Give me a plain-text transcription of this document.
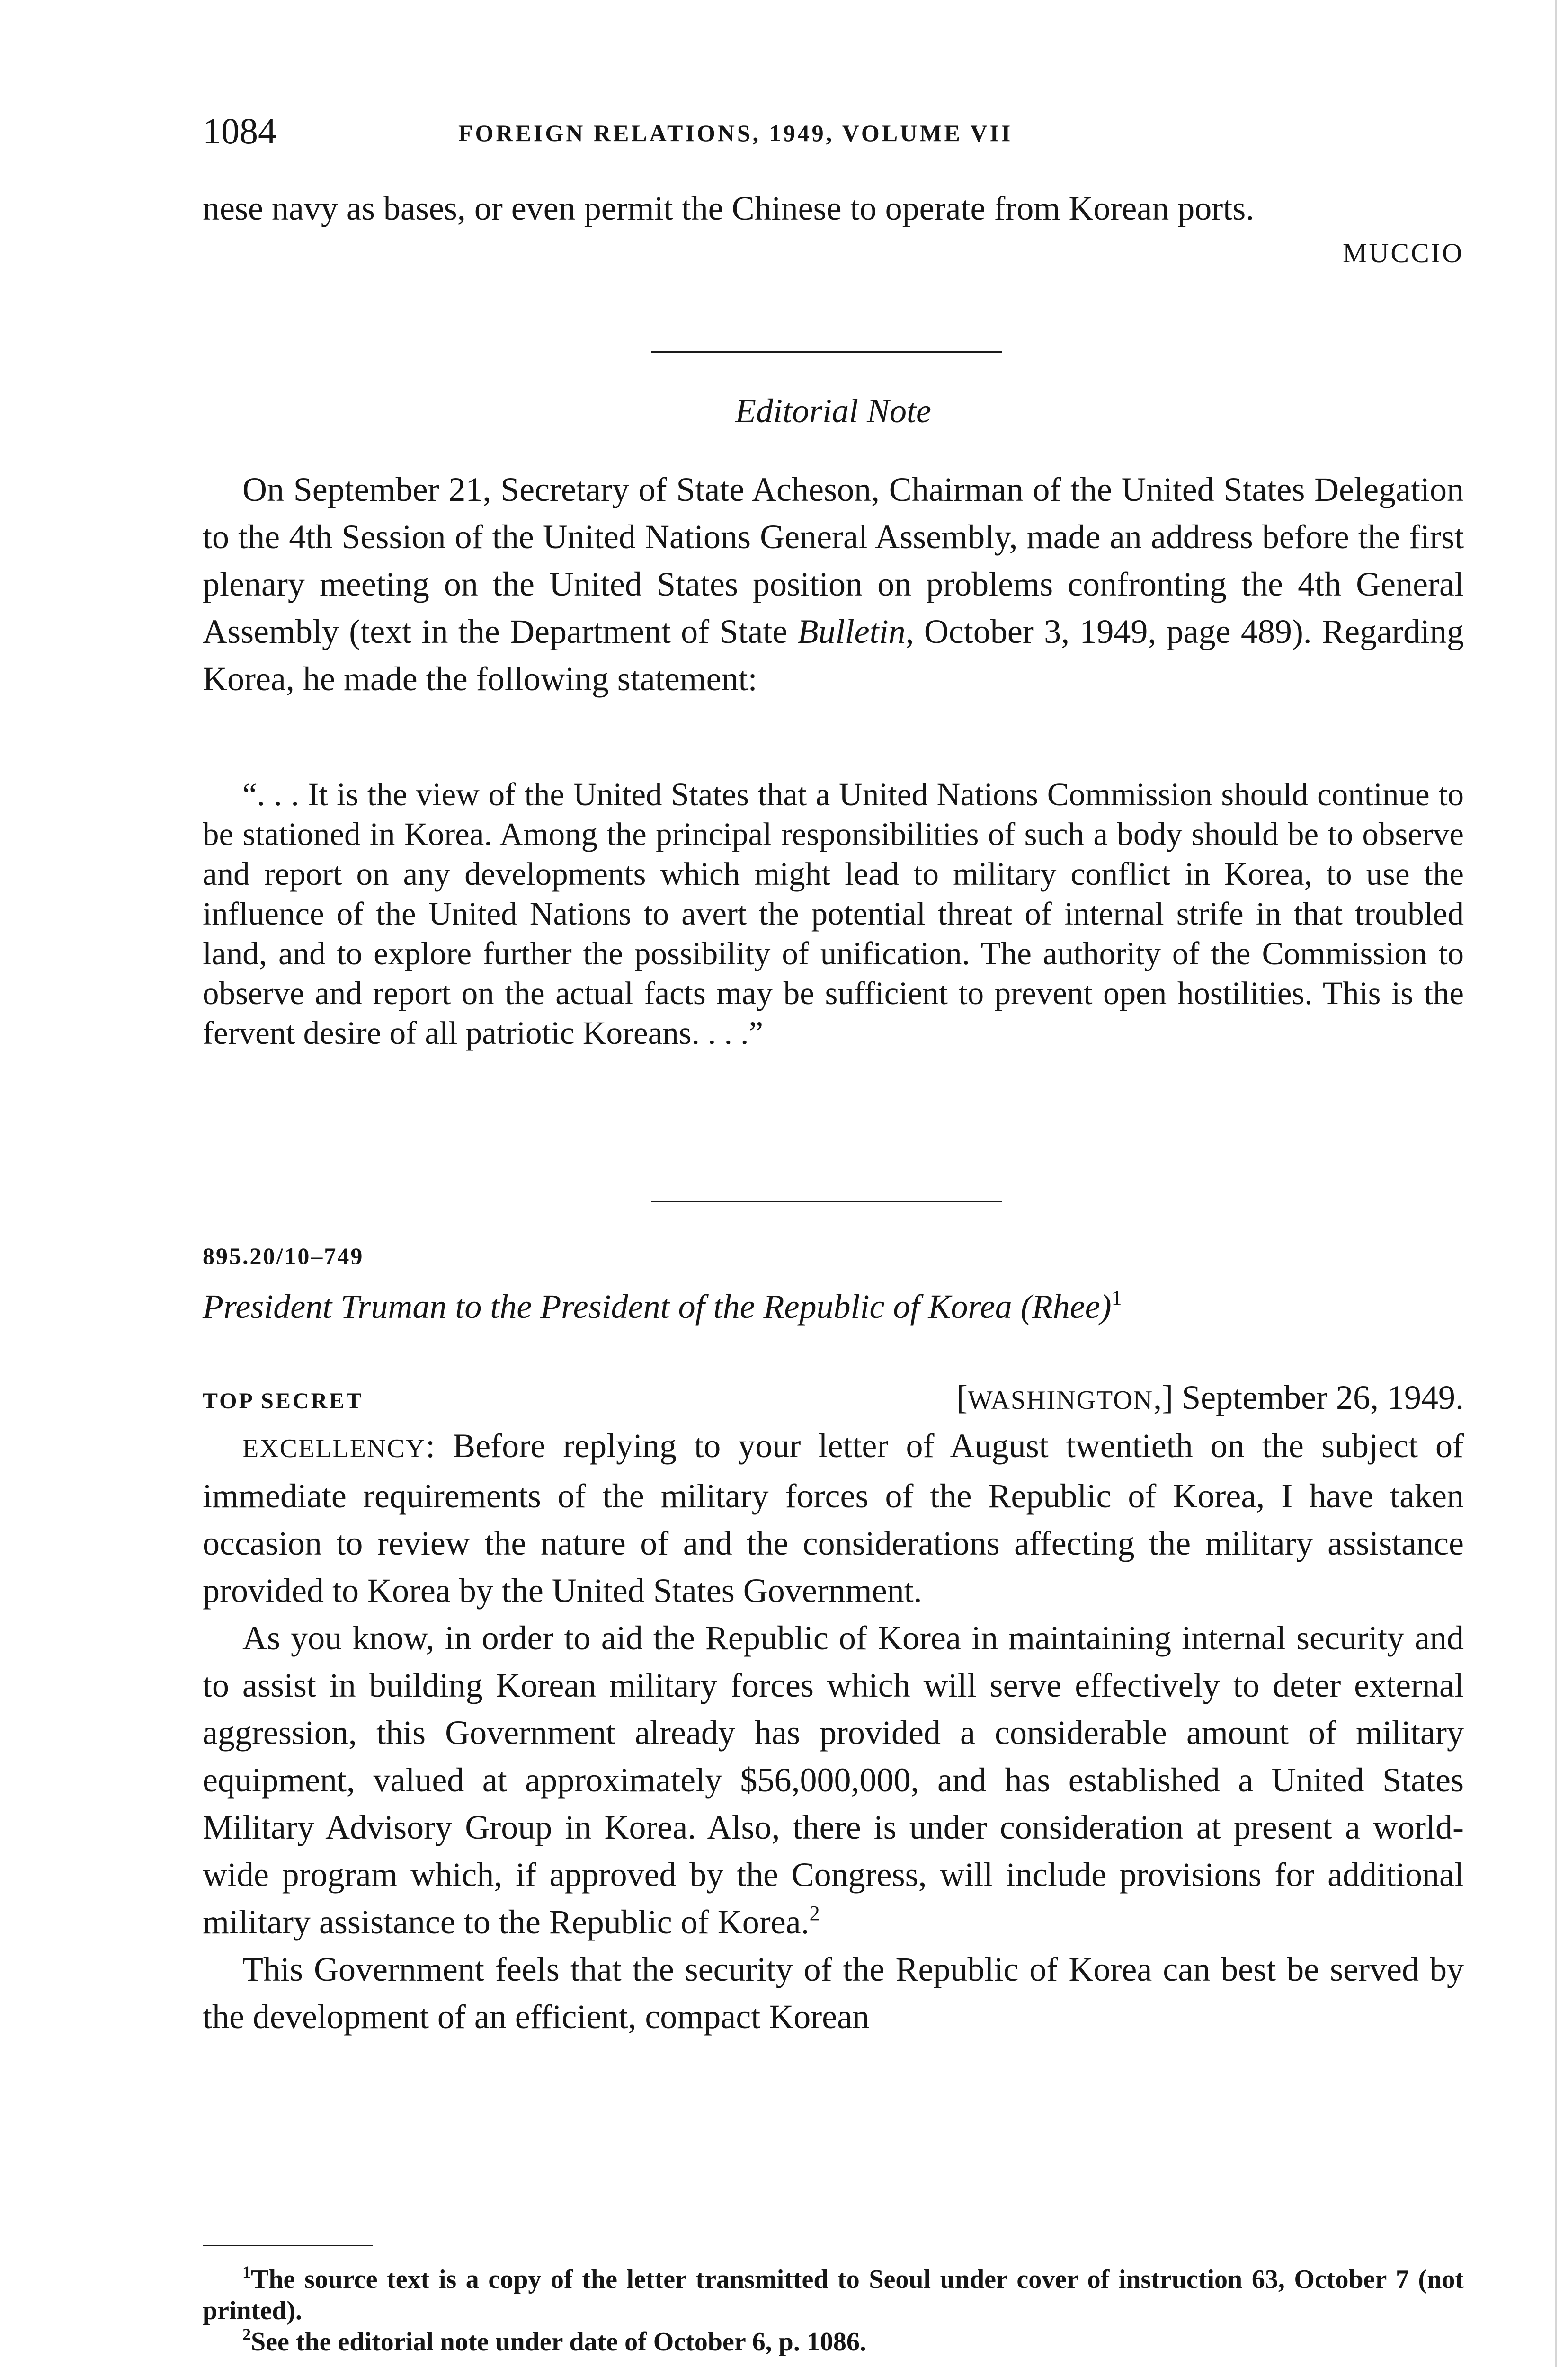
1084	FOREIGN RELATIONS, 1949, VOLUME VII

nese navy as bases, or even permit the Chinese to operate from Korean ports.

MUCCIO

Editorial Note

On September 21, Secretary of State Acheson, Chairman of the United States Delegation to the 4th Session of the United Nations General Assembly, made an address before the first plenary meeting on the United States position on problems confronting the 4th General Assembly (text in the Department of State Bulletin, October 3, 1949, page 489). Regarding Korea, he made the following statement:

“. . . It is the view of the United States that a United Nations Commission should continue to be stationed in Korea. Among the principal responsibilities of such a body should be to observe and report on any developments which might lead to military conflict in Korea, to use the influence of the United Nations to avert the potential threat of internal strife in that troubled land, and to explore further the possibility of unification. The authority of the Commission to observe and report on the actual facts may be sufficient to prevent open hostilities. This is the fervent desire of all patriotic Koreans. . . .”

895.20/10–749

President Truman to the President of the Republic of Korea (Rhee)$^1$

TOP SECRET	[WASHINGTON,] September 26, 1949.

EXCELLENCY: Before replying to your letter of August twentieth on the subject of immediate requirements of the military forces of the Republic of Korea, I have taken occasion to review the nature of and the considerations affecting the military assistance provided to Korea by the United States Government.

As you know, in order to aid the Republic of Korea in maintaining internal security and to assist in building Korean military forces which will serve effectively to deter external aggression, this Government already has provided a considerable amount of military equipment, valued at approximately $56,000,000, and has established a United States Military Advisory Group in Korea. Also, there is under consideration at present a world-wide program which, if approved by the Congress, will include provisions for additional military assistance to the Republic of Korea.$^2$

This Government feels that the security of the Republic of Korea can best be served by the development of an efficient, compact Korean

$^1$The source text is a copy of the letter transmitted to Seoul under cover of instruction 63, October 7 (not printed).

$^2$See the editorial note under date of October 6, p. 1086.
